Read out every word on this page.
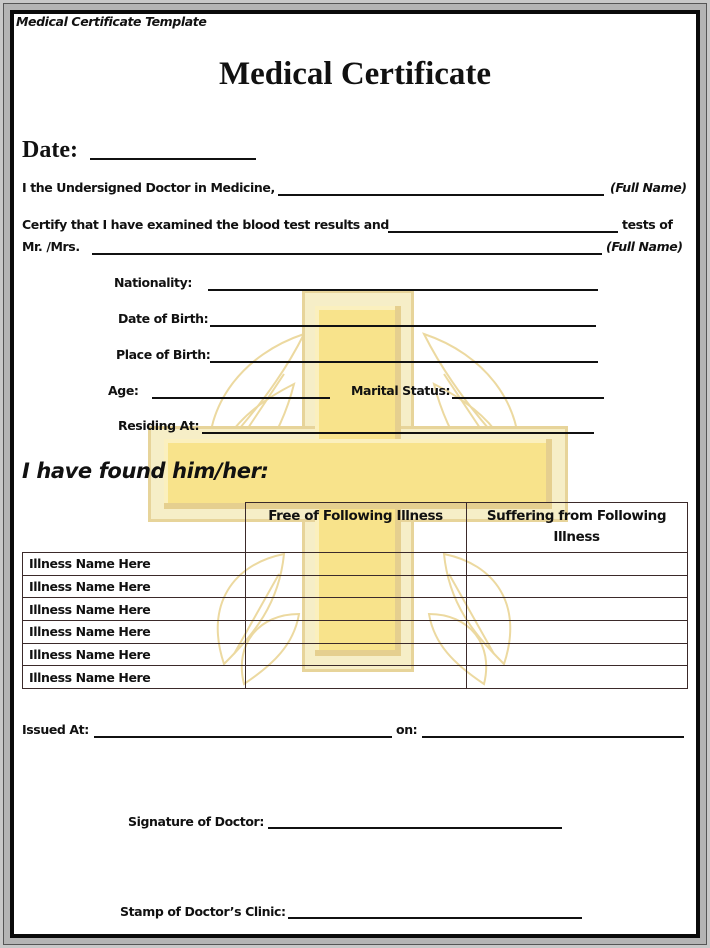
Medical Certificate Template
Medical Certificate
Date:
I the Undersigned Doctor in Medicine,	(Full Name)
Certify that I have examined the blood test results and	tests of
Mr. /Mrs.	(Full Name)
Nationality:
Date of Birth:
Place of Birth:
Age:	Marital Status:
Residing At:
I have found him/her:
	Free of Following Illness	Suffering from Following Illness
Illness Name Here		
Illness Name Here		
Illness Name Here		
Illness Name Here		
Illness Name Here		
Illness Name Here		
Issued At:	on:
Signature of Doctor:
Stamp of Doctor’s Clinic:
